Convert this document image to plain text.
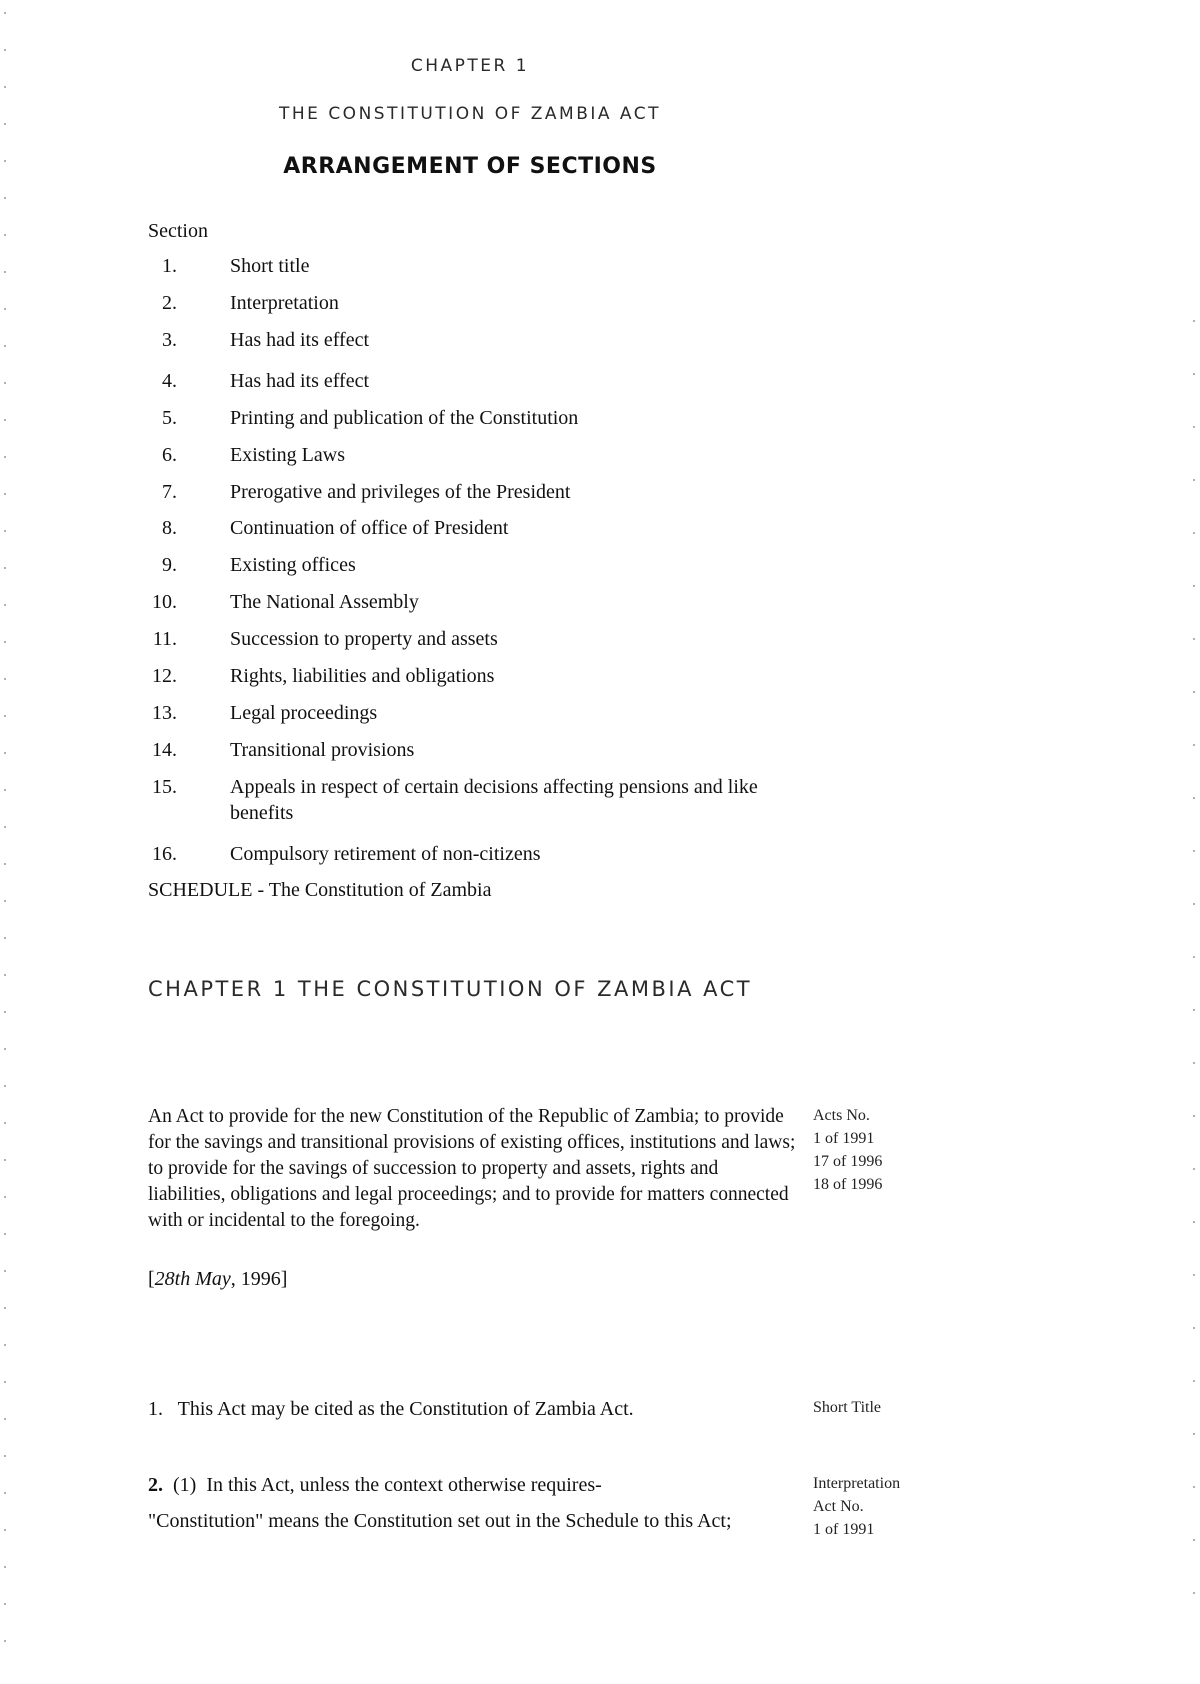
CHAPTER 1
THE CONSTITUTION OF ZAMBIA ACT
ARRANGEMENT OF SECTIONS
Section
1.	Short title
2.	Interpretation
3.	Has had its effect
4.	Has had its effect
5.	Printing and publication of the Constitution
6.	Existing Laws
7.	Prerogative and privileges of the President
8.	Continuation of office of President
9.	Existing offices
10.	The National Assembly
11.	Succession to property and assets
12.	Rights, liabilities and obligations
13.	Legal proceedings
14.	Transitional provisions
15.	Appeals in respect of certain decisions affecting pensions and like benefits
16.	Compulsory retirement of non-citizens
SCHEDULE - The Constitution of Zambia
CHAPTER 1 THE CONSTITUTION OF ZAMBIA ACT
An Act to provide for the new Constitution of the Republic of Zambia; to provide for the savings and transitional provisions of existing offices, institutions and laws; to provide for the savings of succession to property and assets, rights and liabilities, obligations and legal proceedings; and to provide for matters connected with or incidental to the foregoing.
[28th May, 1996]
Acts No.
1 of 1991
17 of 1996
18 of 1996
1. This Act may be cited as the Constitution of Zambia Act.	Short Title
2. (1) In this Act, unless the context otherwise requires-
"Constitution" means the Constitution set out in the Schedule to this Act;
Interpretation
Act No.
1 of 1991
